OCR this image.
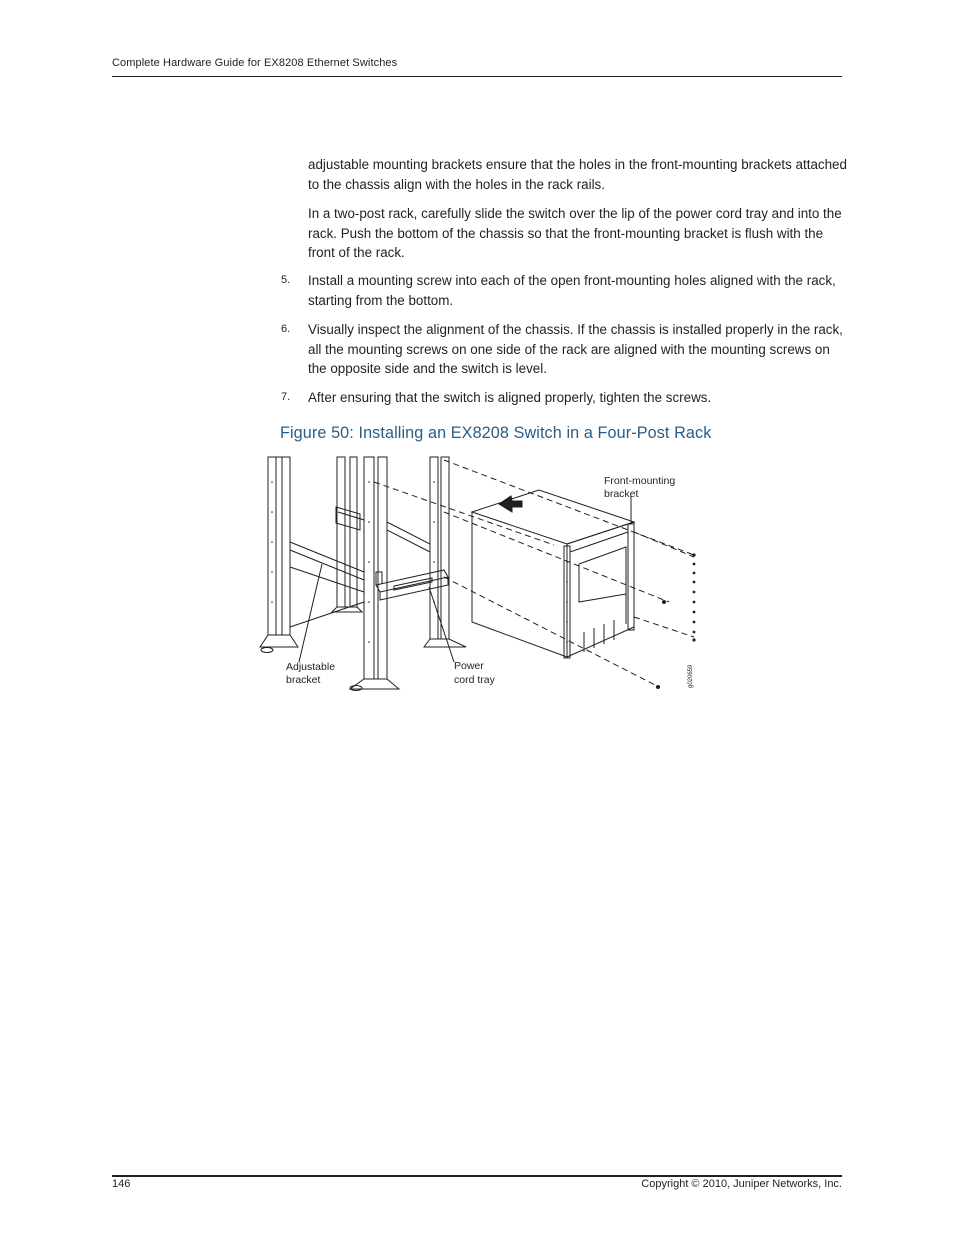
Complete Hardware Guide for EX8208 Ethernet Switches
adjustable mounting brackets ensure that the holes in the front-mounting brackets attached to the chassis align with the holes in the rack rails.
In a two-post rack, carefully slide the switch over the lip of the power cord tray and into the rack. Push the bottom of the chassis so that the front-mounting bracket is flush with the front of the rack.
5. Install a mounting screw into each of the open front-mounting holes aligned with the rack, starting from the bottom.
6. Visually inspect the alignment of the chassis. If the chassis is installed properly in the rack, all the mounting screws on one side of the rack are aligned with the mounting screws on the opposite side and the switch is level.
7. After ensuring that the switch is aligned properly, tighten the screws.
Figure 50: Installing an EX8208 Switch in a Four-Post Rack
Front-mounting
bracket
Adjustable
bracket
Power
cord tray	g020659
146	Copyright © 2010, Juniper Networks, Inc.
